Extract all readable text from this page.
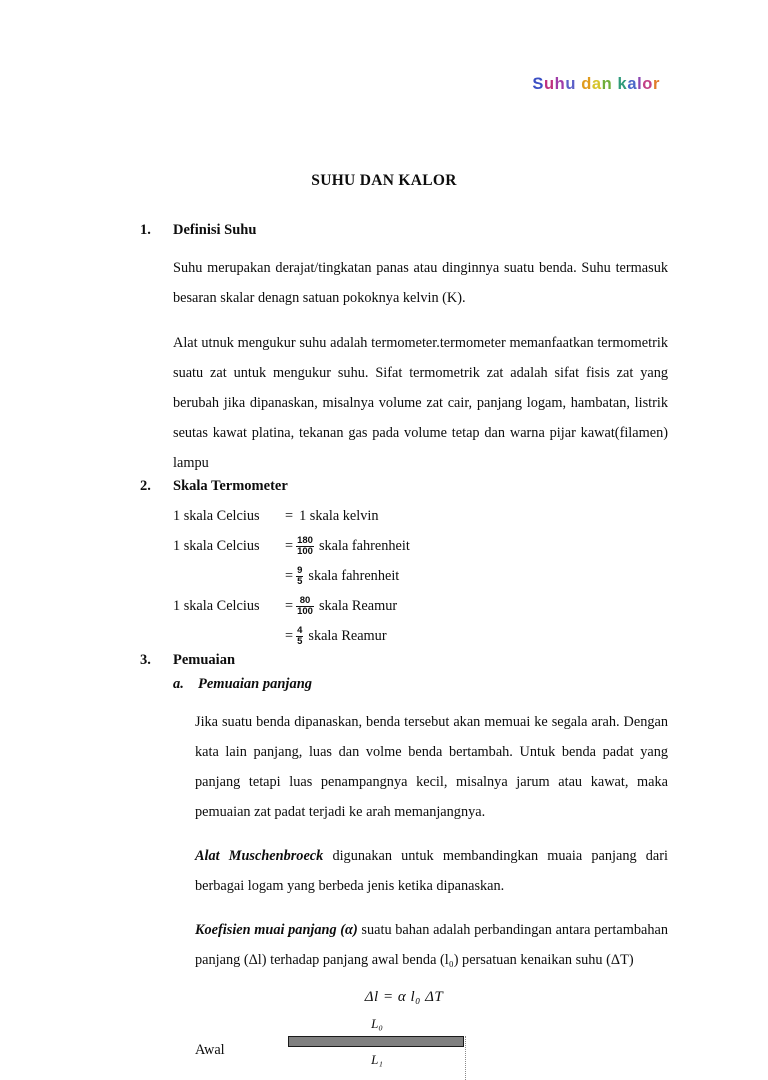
Suhu dan kalor
SUHU DAN KALOR
1.	Definisi Suhu

Suhu merupakan derajat/tingkatan panas atau dinginnya suatu benda. Suhu termasuk besaran skalar denagn satuan pokoknya kelvin (K).

Alat utnuk mengukur suhu adalah termometer.termometer memanfaatkan termometrik suatu zat untuk mengukur suhu. Sifat termometrik zat adalah sifat fisis zat yang berubah jika dipanaskan, misalnya volume zat cair, panjang logam, hambatan, listrik seutas kawat platina, tekanan gas pada volume tetap dan warna pijar kawat(filamen) lampu

2.	Skala Termometer
1 skala Celcius	= 1 skala kelvin
1 skala Celcius	= $\frac{180}{100}$ skala fahrenheit
= $\frac{9}{5}$ skala fahrenheit
1 skala Celcius	= $\frac{80}{100}$ skala Reamur
= $\frac{4}{5}$ skala Reamur
3.	Pemuaian
a. Pemuaian panjang

Jika suatu benda dipanaskan, benda tersebut akan memuai ke segala arah. Dengan kata lain panjang, luas dan volme benda bertambah. Untuk benda padat yang panjang tetapi luas penampangnya kecil, misalnya jarum atau kawat, maka pemuaian zat padat terjadi ke arah memanjangnya.

Alat Muschenbroeck digunakan untuk membandingkan muaia panjang dari berbagai logam yang berbeda jenis ketika dipanaskan.

Koefisien muai panjang (α) suatu bahan adalah perbandingan antara pertambahan panjang (Δl) terhadap panjang awal benda (l₀) persatuan kenaikan suhu (ΔT)

Δl = α l₀ ΔT
Awal
L₀
L₁
